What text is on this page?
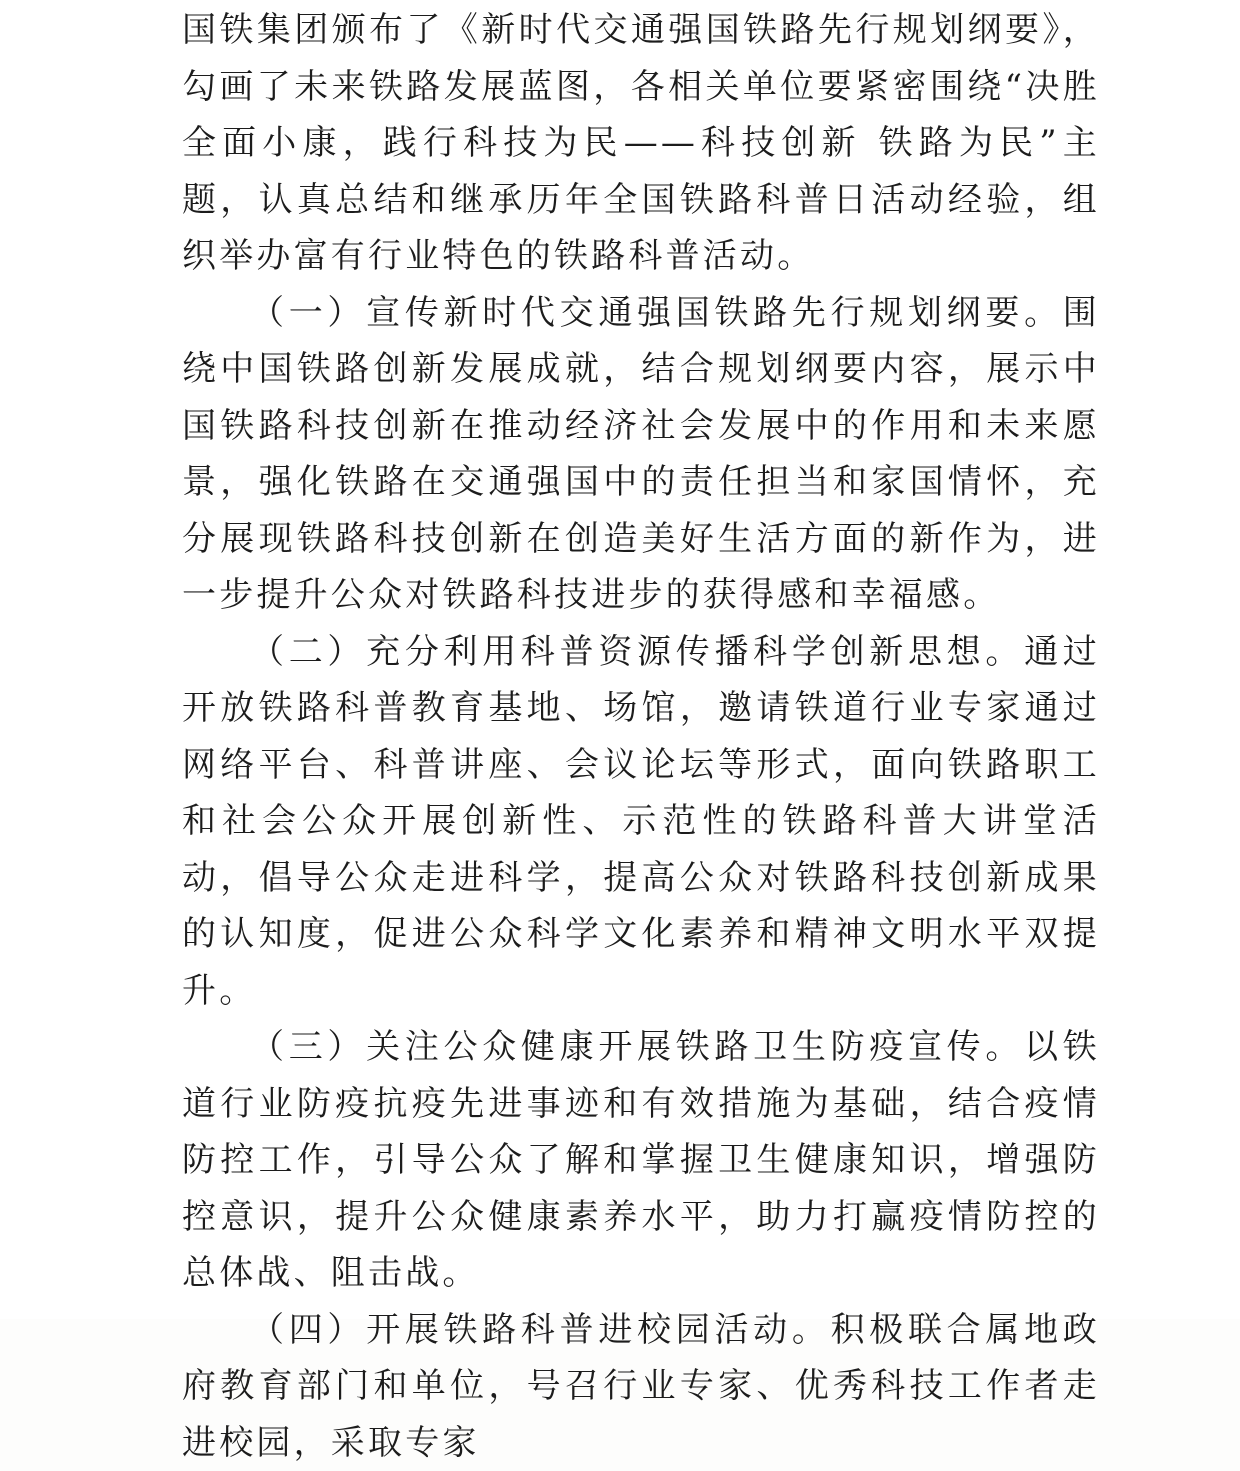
国铁集团颁布了《新时代交通强国铁路先行规划纲要》，勾画了未来铁路发展蓝图，各相关单位要紧密围绕“决胜全面小康，践行科技为民——科技创新 铁路为民”主题，认真总结和继承历年全国铁路科普日活动经验，组织举办富有行业特色的铁路科普活动。

（一）宣传新时代交通强国铁路先行规划纲要。围绕中国铁路创新发展成就，结合规划纲要内容，展示中国铁路科技创新在推动经济社会发展中的作用和未来愿景，强化铁路在交通强国中的责任担当和家国情怀，充分展现铁路科技创新在创造美好生活方面的新作为，进一步提升公众对铁路科技进步的获得感和幸福感。

（二）充分利用科普资源传播科学创新思想。通过开放铁路科普教育基地、场馆，邀请铁道行业专家通过网络平台、科普讲座、会议论坛等形式，面向铁路职工和社会公众开展创新性、示范性的铁路科普大讲堂活动，倡导公众走进科学，提高公众对铁路科技创新成果的认知度，促进公众科学文化素养和精神文明水平双提升。

（三）关注公众健康开展铁路卫生防疫宣传。以铁道行业防疫抗疫先进事迹和有效措施为基础，结合疫情防控工作，引导公众了解和掌握卫生健康知识，增强防控意识，提升公众健康素养水平，助力打赢疫情防控的总体战、阻击战。

（四）开展铁路科普进校园活动。积极联合属地政府教育部门和单位，号召行业专家、优秀科技工作者走进校园，采取专家
